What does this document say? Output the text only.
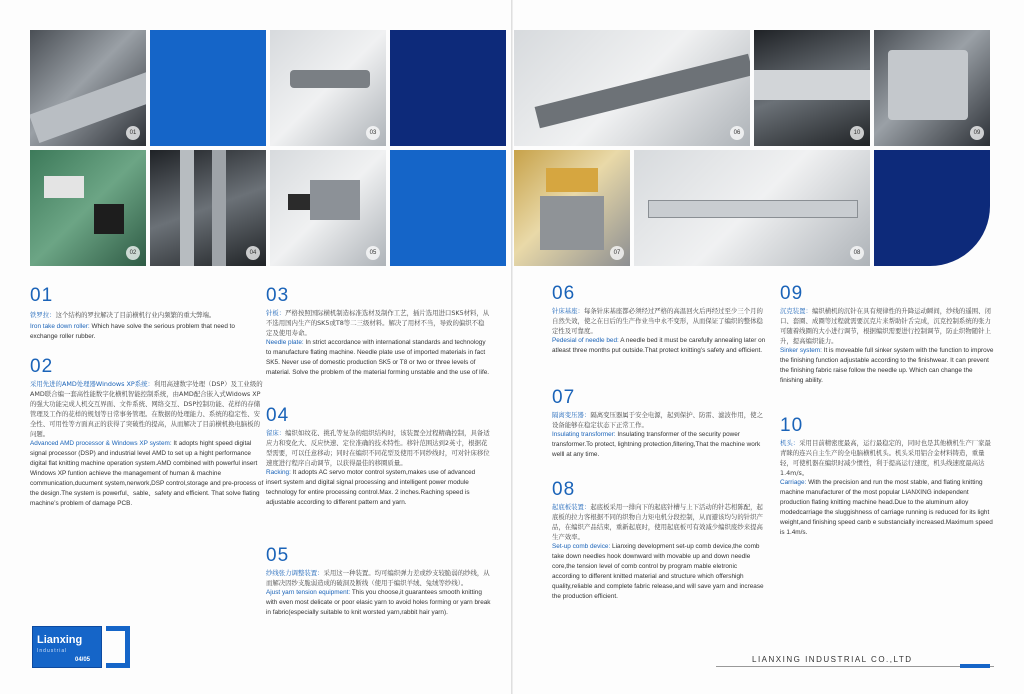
01	03
02	04	05
06	10	09
07	08
01
铁罗拉：这个结构的罗拉解决了目前横机行业内频繁的重大弊端。
Iron take down roller: Which have solve the serious problem that need to exchange roller rubber.
02
采用先进的AMD处理器Windows XP系统：利用高速数字处理（DSP）及工业级的AMD联合编一套高性能数字化横机智能控制系统，由AMD配合嵌入式Widows XP的强大功能完成人机交互界面、文件系统、网络交互、DSP控制功能、花样的存储管理及工作的花样的规划等日常事务管理。在数据的处理能力、系统的稳定性、安全性、可用性等方面真正的获得了突破性的提高，从而解决了目前横机换电脑板的问题。
Advanced AMD processor & Windows XP system: It adopts hight speed digital signal processor (DSP) and industrial level AMD to set up a hight performance digital flat knitting machine operation system.AMD combined with powerful insert Windows XP funtion achieve the management of human & machine communication,ducument system,nerwork,DSP control,storage and pre-process of the design.The system is powerful、sable、safety and efficient. That solve flating machine’s problem of damage PCB.
03
针板：严格按照国际横机制造标准选材及制作工艺，插片选用进口SK5材料，从不选用国内生产的SK5或T8等二三级材料。解决了用材不当，导致的偏织不稳定及使用寿命。
Needle plate: In strict accordance with international standards and technology to manufacture flating machine. Needle plate use of imported materials in fact SK5. Never use of domestic production SK5 or T8 or two or three levels of material. Solve the problem of the material forming unstable and the use of life.
04
留床：编织如纹花、挑孔等复杂的组织结构时，该装置全过程精确控制，具备适应力和变化大、反应快速、定位准确的技术特性。移针范围达到2英寸，根据花型需要，可以任意移动；同时在编织不同花型及使用不同纱线时，可对针床移位速度进行程序自动调节，以获得最佳的移圈质量。
Racking: It adopts AC servo motor control system,makes use of advanced insert system and digital signal processing and intelligent power module technology for entire processing control.Max. 2 inches.Raching speed is adjustable according to different pattern and yarn.
05
纱线张力调整装置：采用这一种装置。均可编织弹力差或纱支较脆弱的纱线，从而解决因纱支脆弱造成的破洞及断线（使用于编织羊绒、兔绒等纱线）。
Ajust yarn tension equipment: This you choose,it guarantees smooth knitting with even most delicate or poor elasic yarn to avoid holes forming or yarn break in fabric(especially suitable to knit worsted yarn,rabbit hair yarn).
06
针床基座：每条针床基座都必须经过严格的高温回火后再经过至少三个月的自然失效，使之在日后的生产作业当中永不变形，从而保证了编织的整体稳定性及可靠度。
Pedesial of needle bed: A needle bed it must be carefully annealing later on atleast three months put outside.That protect knitting’s safety and efficient.
07
隔离变压器：隔离变压器属于安全电源，起到保护、防雷、滤波作用，使之设备能够在稳定状态下正常工作。
Insulating transformer: Insulating transformer of the security power transformer.To protect, lightning protection,filtering,That the machine work welll at any time.
08
起底板装置：起底板采用一排向下的起底针槽与上下活动的针芯相陈配，起底板的拉力客根据不同的织物自力矩电机分段控制，从而避该均匀的针织产品，在编织产品结束，重新起底时，使用起底板可有效减少编织废纱来提高生产效率。
Set-up comb device: Lianxing development set-up comb device,the comb take down needles hook downward with movable up and down needle core,the tension level of comb control by program mable eletronic according to different knitted material and structure which offershigh quality,reliable and complete fabric release,and will save yarn and increase the production efficient.
09
沉克装置：编织横机的沉针在具有规律性的升降运动瞬间，纱线的遥围、闭口、套圈、成圈等过程就需要沉克片来帮助针舌完成，沉克控制系统的张力可随着线圈的大小进行调节，根据编织需要进行控制调节，防止织物随针上升，提高编织能力。
Sinker system: It is moveable full sinker system with the function to improve the finishing function adjustable according to the finishwear. It can prevent the finishing fabric raise follow the needle up. Which can change the finishing ability.
10
机头：采用目前精密度最高，运行最稳定的，同时也是其他横机生产厂家最青睐的连兴自主生产的全电脑横机机头。机头采用铝合金材料铸造，重量轻，可使机器在编织时减少惯性，利于提高运行速度，机头线速度最高达1.4m/s。
Carriage: With the precision and run the most stable, and flating knitting machine manufacturer of the most popular LIANXING independent production flating knitting machine head.Due to the aluminum alloy modedcarriage the sluggishness of carriage running is reduced for its light weight,and finishing speed canb e substancially increased.Maximum speed is 1.4m/s.
Lianxing
Industrial
04/05	LIANXING INDUSTRIAL CO.,LTD
